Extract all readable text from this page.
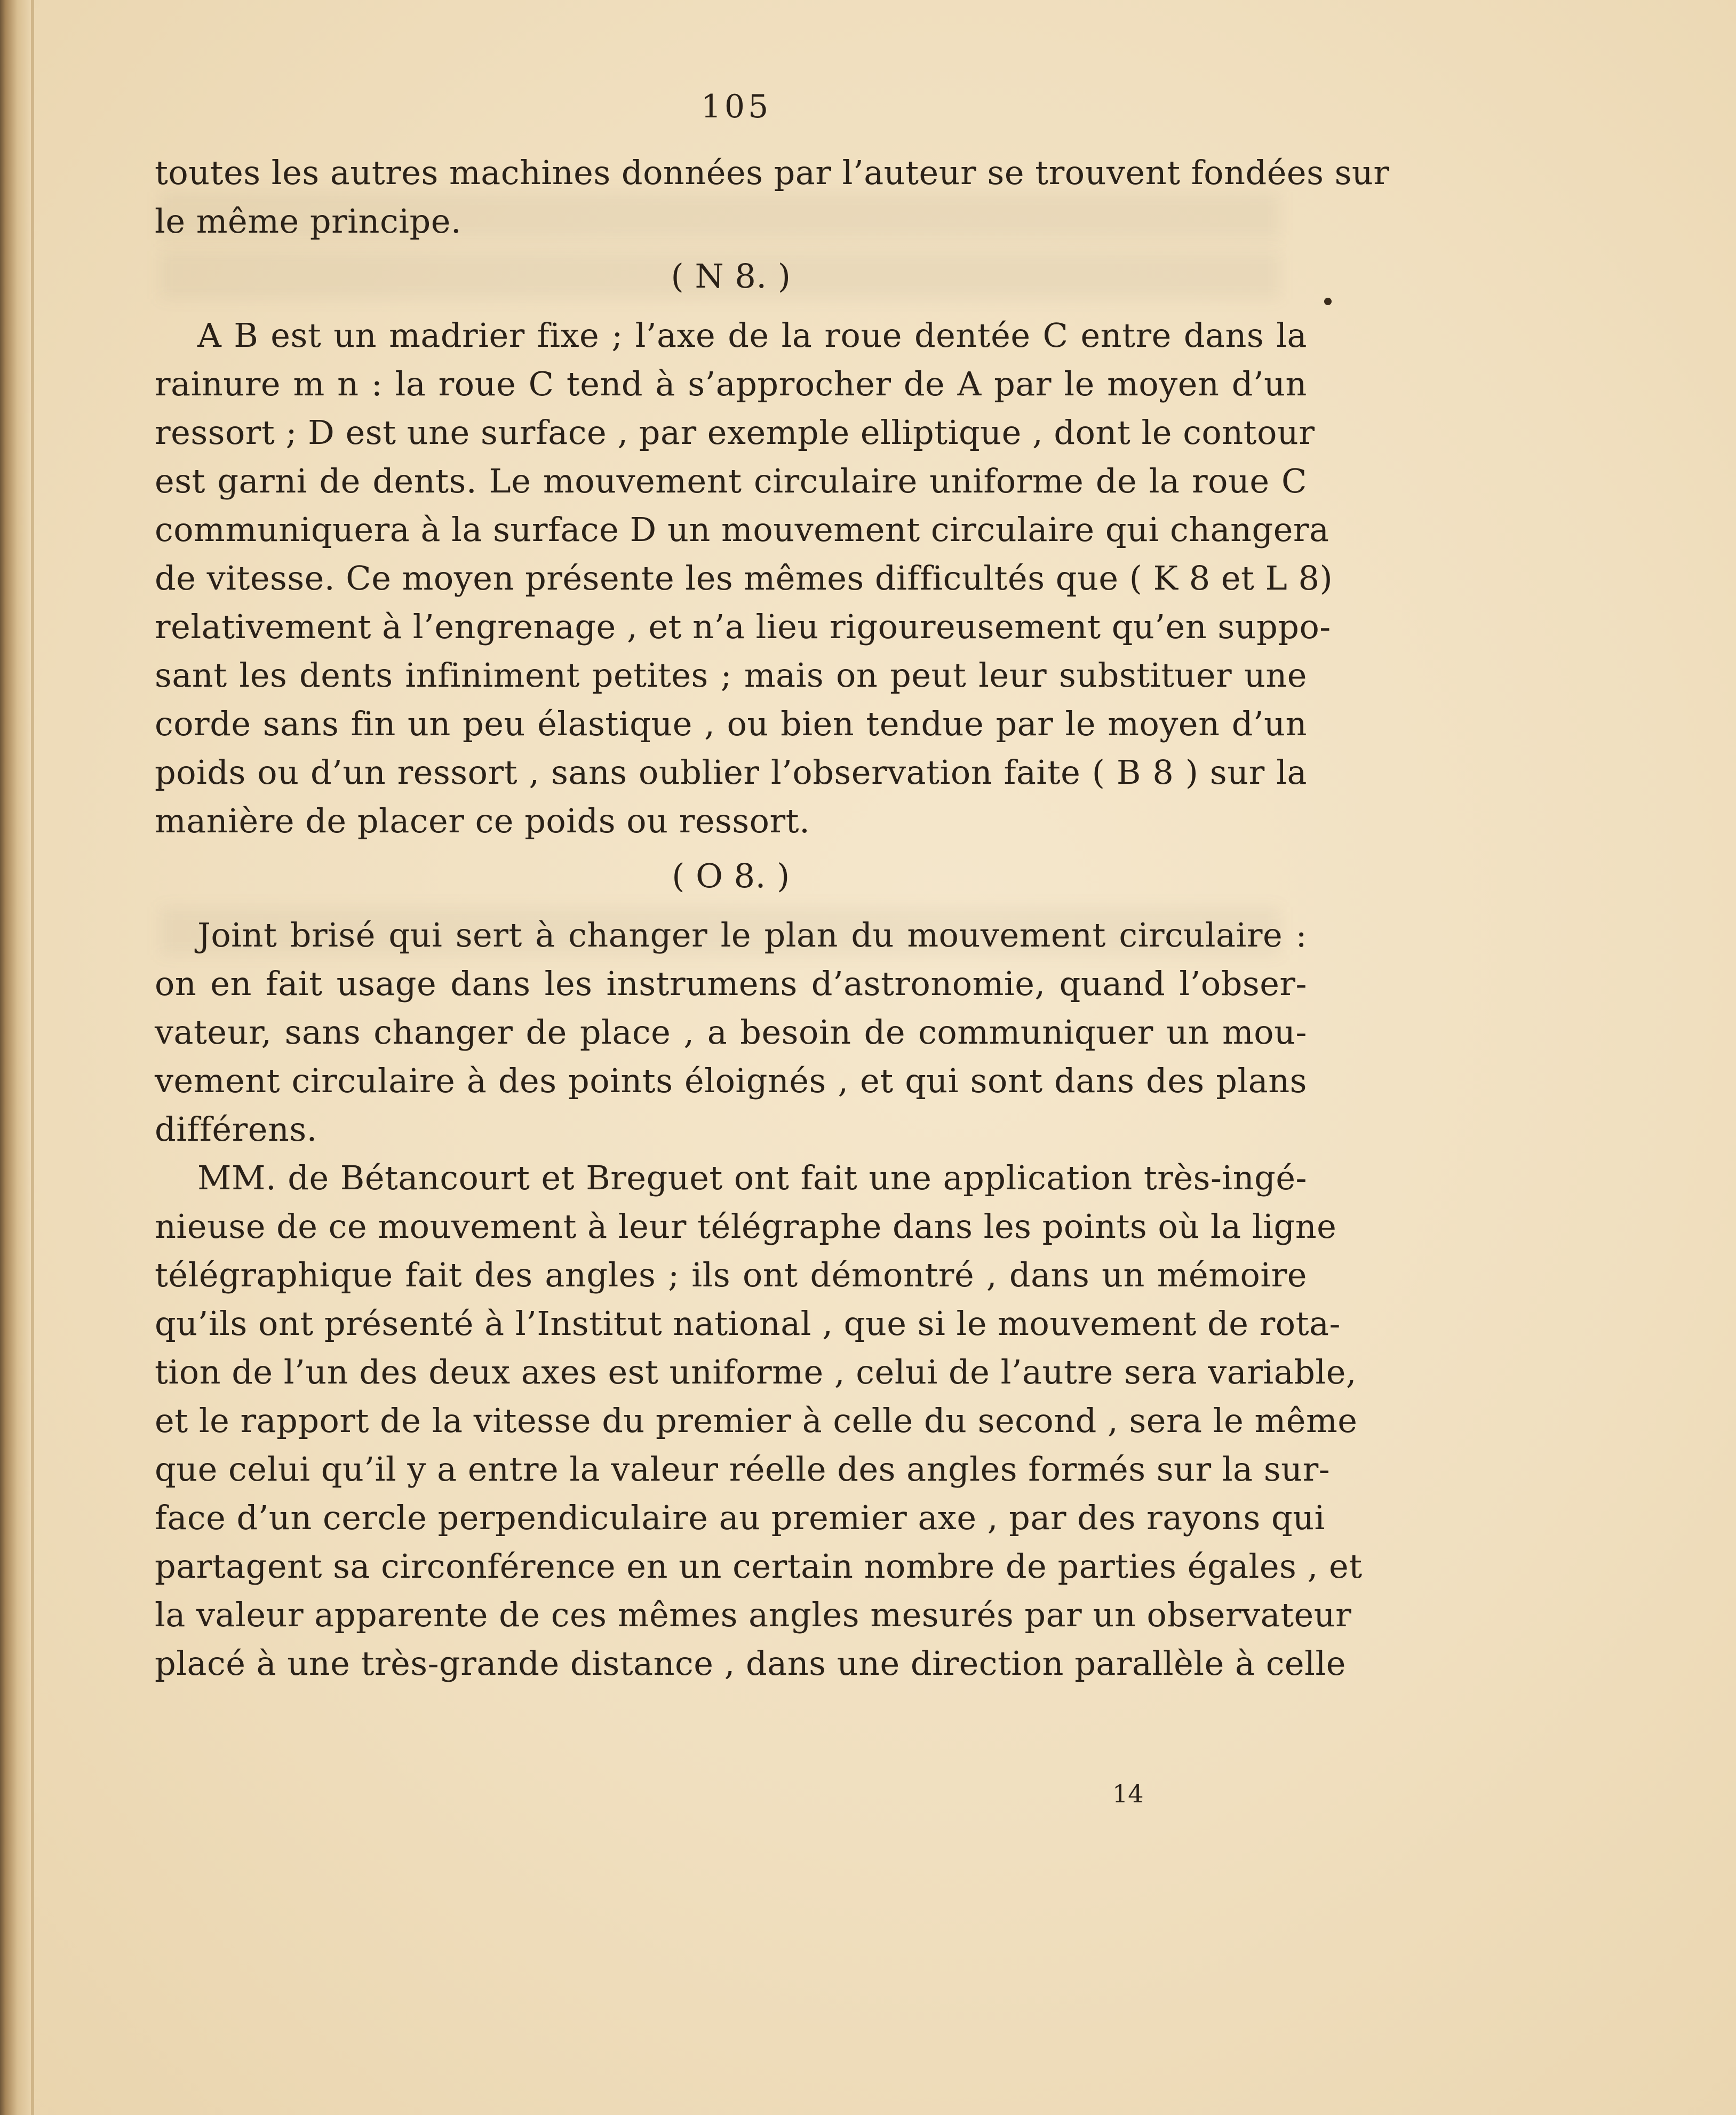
105
toutes les autres machines données par l’auteur se trouvent fondées sur
le même principe.
( N 8. )
A B est un madrier fixe ; l’axe de la roue dentée C entre dans la
rainure m n : la roue C tend à s’approcher de A par le moyen d’un
ressort ; D est une surface , par exemple elliptique , dont le contour
est garni de dents. Le mouvement circulaire uniforme de la roue C
communiquera à la surface D un mouvement circulaire qui changera
de vitesse. Ce moyen présente les mêmes difficultés que ( K 8 et L 8)
relativement à l’engrenage , et n’a lieu rigoureusement qu’en suppo-
sant les dents infiniment petites ; mais on peut leur substituer une
corde sans fin un peu élastique , ou bien tendue par le moyen d’un
poids ou d’un ressort , sans oublier l’observation faite ( B 8 ) sur la
manière de placer ce poids ou ressort.
( O 8. )
Joint brisé qui sert à changer le plan du mouvement circulaire :
on en fait usage dans les instrumens d’astronomie, quand l’obser-
vateur, sans changer de place , a besoin de communiquer un mou-
vement circulaire à des points éloignés , et qui sont dans des plans
différens.
MM. de Bétancourt et Breguet ont fait une application très-ingé-
nieuse de ce mouvement à leur télégraphe dans les points où la ligne
télégraphique fait des angles ; ils ont démontré , dans un mémoire
qu’ils ont présenté à l’Institut national , que si le mouvement de rota-
tion de l’un des deux axes est uniforme , celui de l’autre sera variable,
et le rapport de la vitesse du premier à celle du second , sera le même
que celui qu’il y a entre la valeur réelle des angles formés sur la sur-
face d’un cercle perpendiculaire au premier axe , par des rayons qui
partagent sa circonférence en un certain nombre de parties égales , et
la valeur apparente de ces mêmes angles mesurés par un observateur
placé à une très-grande distance , dans une direction parallèle à celle
14
